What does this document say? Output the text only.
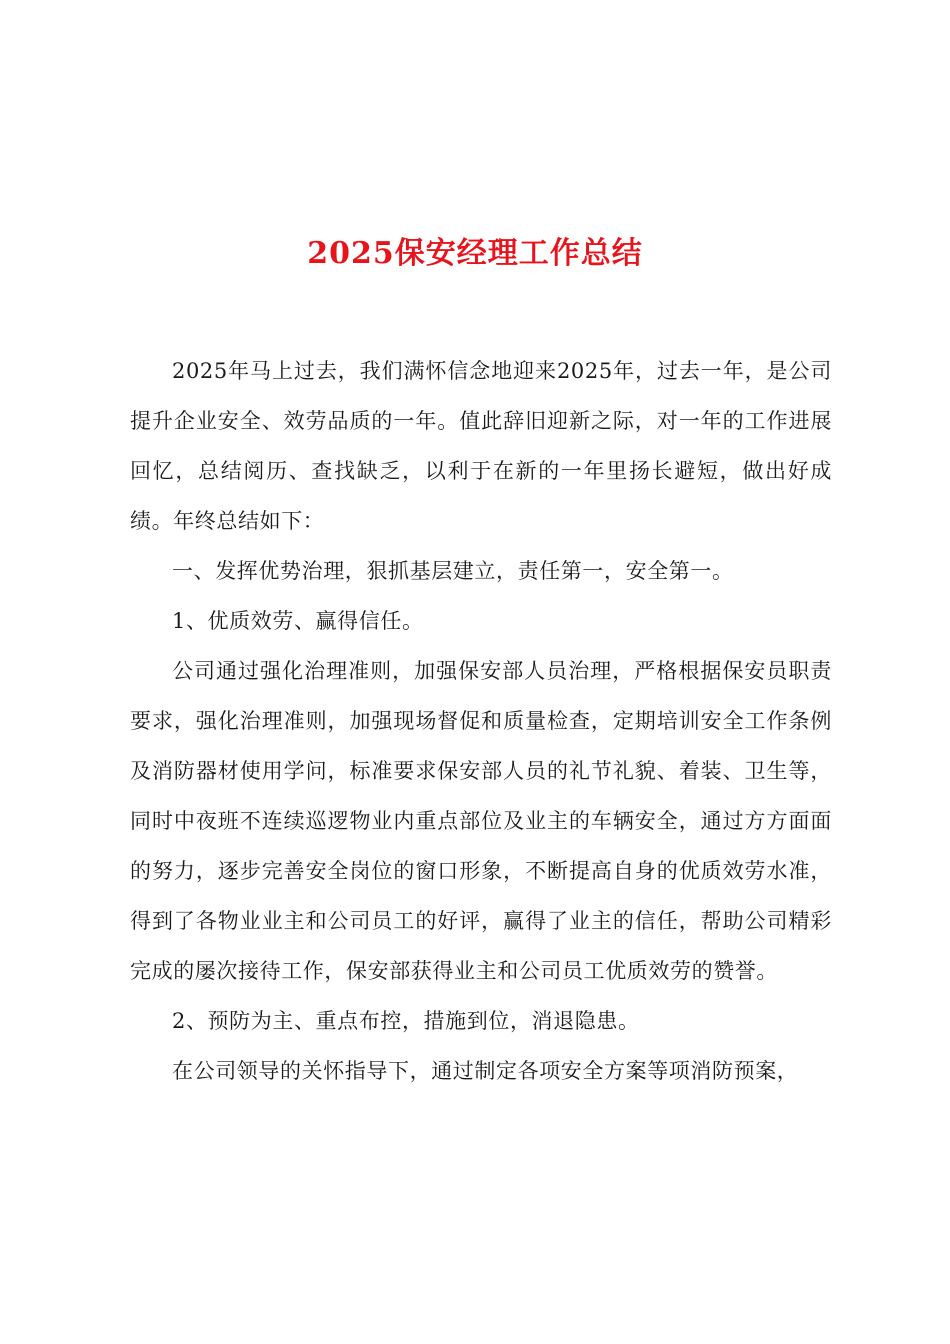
2025保安经理工作总结

2025年马上过去，我们满怀信念地迎来2025年，过去一年，是公司提升企业安全、效劳品质的一年。值此辞旧迎新之际，对一年的工作进展回忆，总结阅历、查找缺乏，以利于在新的一年里扬长避短，做出好成绩。年终总结如下：

一、发挥优势治理，狠抓基层建立，责任第一，安全第一。

1、优质效劳、赢得信任。

公司通过强化治理准则，加强保安部人员治理，严格根据保安员职责要求，强化治理准则，加强现场督促和质量检查，定期培训安全工作条例及消防器材使用学问，标准要求保安部人员的礼节礼貌、着装、卫生等，同时中夜班不连续巡逻物业内重点部位及业主的车辆安全，通过方方面面的努力，逐步完善安全岗位的窗口形象，不断提高自身的优质效劳水准，得到了各物业业主和公司员工的好评，赢得了业主的信任，帮助公司精彩完成的屡次接待工作，保安部获得业主和公司员工优质效劳的赞誉。

2、预防为主、重点布控，措施到位，消退隐患。

在公司领导的关怀指导下，通过制定各项安全方案等项消防预案，
